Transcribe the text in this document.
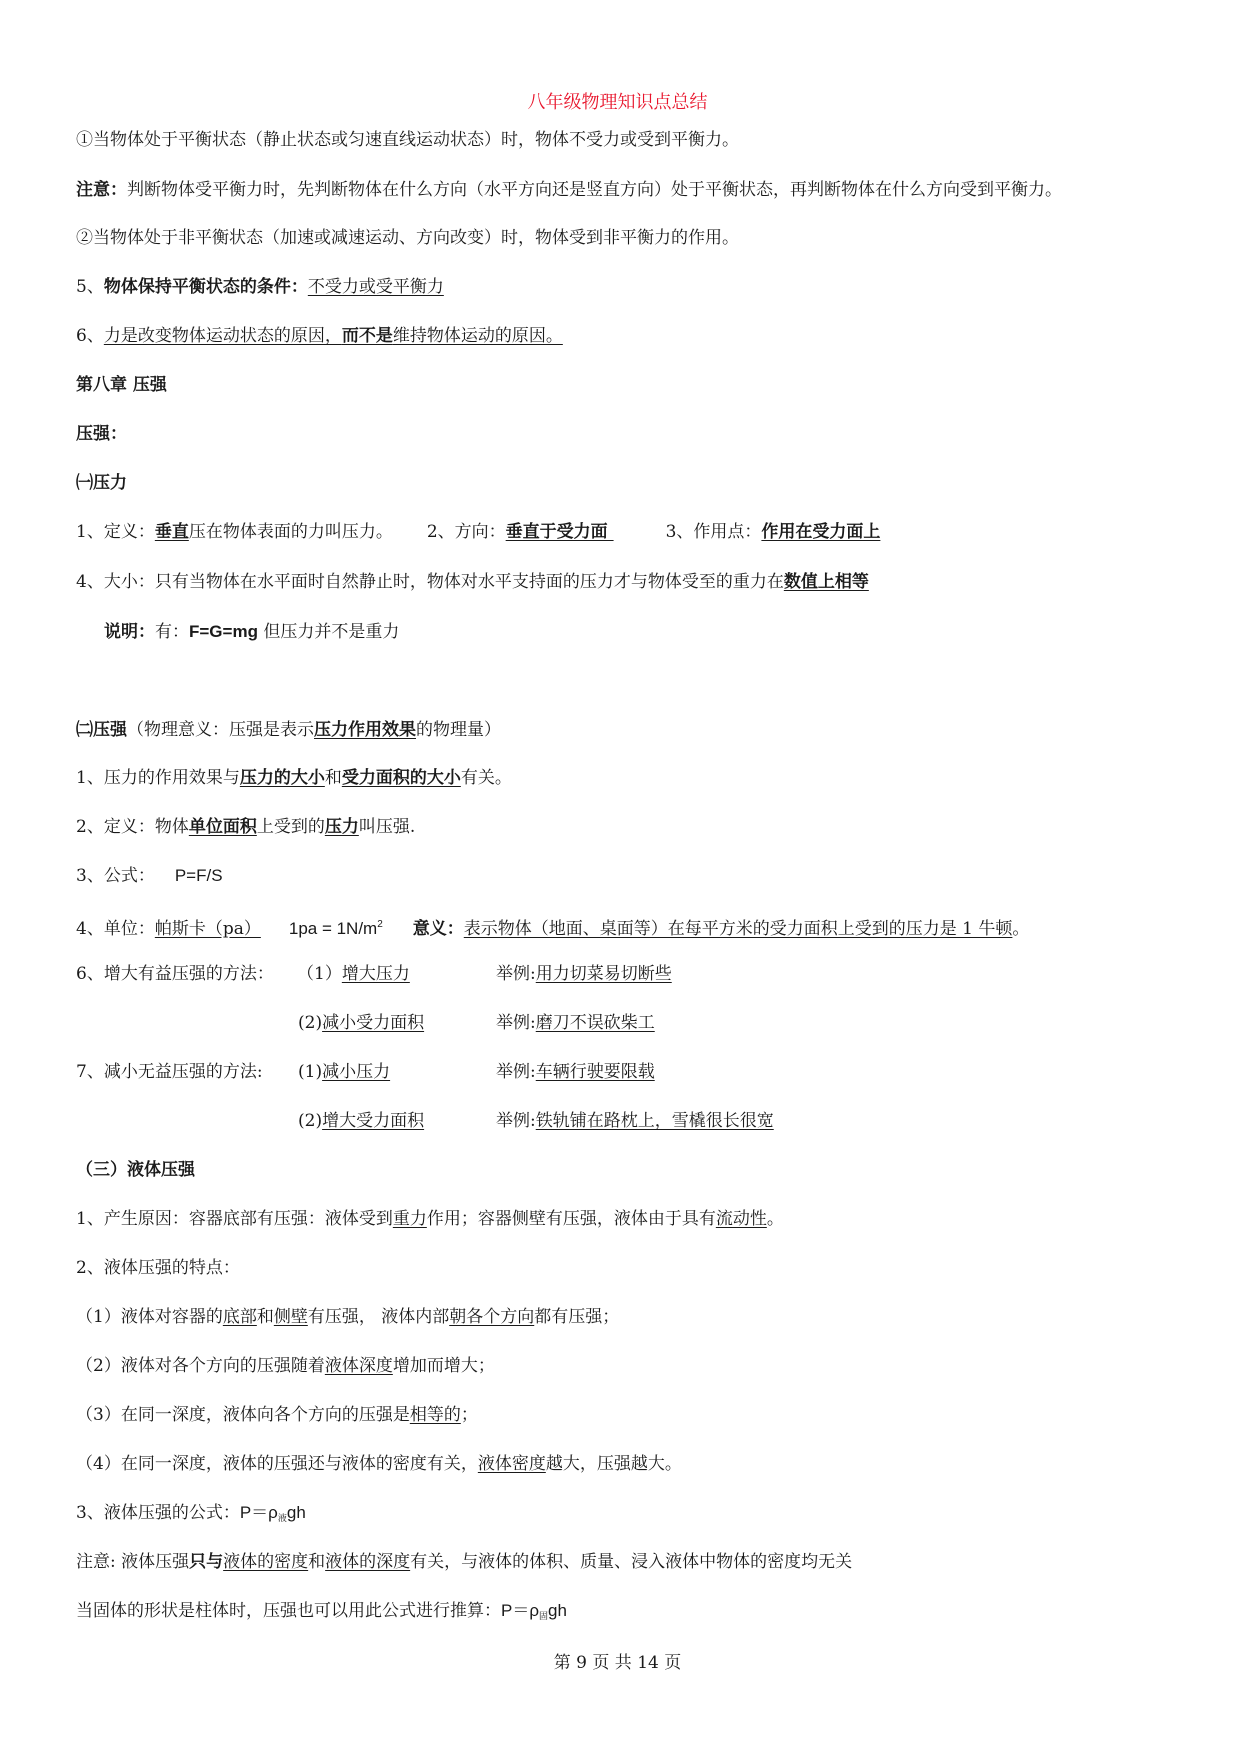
八年级物理知识点总结
①当物体处于平衡状态（静止状态或匀速直线运动状态）时，物体不受力或受到平衡力。
注意：判断物体受平衡力时，先判断物体在什么方向（水平方向还是竖直方向）处于平衡状态，再判断物体在什么方向受到平衡力。
②当物体处于非平衡状态（加速或减速运动、方向改变）时，物体受到非平衡力的作用。
5、物体保持平衡状态的条件：不受力或受平衡力
6、力是改变物体运动状态的原因，而不是维持物体运动的原因。
第八章 压强
压强：
㈠压力
1、定义：垂直压在物体表面的力叫压力。 2、方向：垂直于受力面	3、作用点：作用在受力面上
4、大小：只有当物体在水平面时自然静止时，物体对水平支持面的压力才与物体受至的重力在数值上相等
说明：有：F=G=mg 但压力并不是重力
㈡压强（物理意义：压强是表示压力作用效果的物理量）
1、压力的作用效果与压力的大小和受力面积的大小有关。
2、定义：物体单位面积上受到的压力叫压强.
3、公式： P=F/S
4、单位：帕斯卡（pa） $1pa = 1N/m^2$ 意义：表示物体（地面、桌面等）在每平方米的受力面积上受到的压力是 1 牛顿。
6、增大有益压强的方法： （1）增大压力	举例:用力切菜易切断些
(2)减小受力面积	举例:磨刀不误砍柴工
7、减小无益压强的方法: (1)减小压力	举例:车辆行驶要限载
(2)增大受力面积	举例:铁轨铺在路枕上，雪橇很长很宽
（三）液体压强
1、产生原因：容器底部有压强：液体受到重力作用；容器侧壁有压强，液体由于具有流动性。
2、液体压强的特点：
（1）液体对容器的底部和侧壁有压强， 液体内部朝各个方向都有压强；
（2）液体对各个方向的压强随着液体深度增加而增大；
（3）在同一深度，液体向各个方向的压强是相等的；
（4）在同一深度，液体的压强还与液体的密度有关，液体密度越大，压强越大。
3、液体压强的公式：$P=\rho_液gh$
注意: 液体压强只与液体的密度和液体的深度有关，与液体的体积、质量、浸入液体中物体的密度均无关
当固体的形状是柱体时，压强也可以用此公式进行推算：$P=\rho_固gh$
第 9 页 共 14 页
